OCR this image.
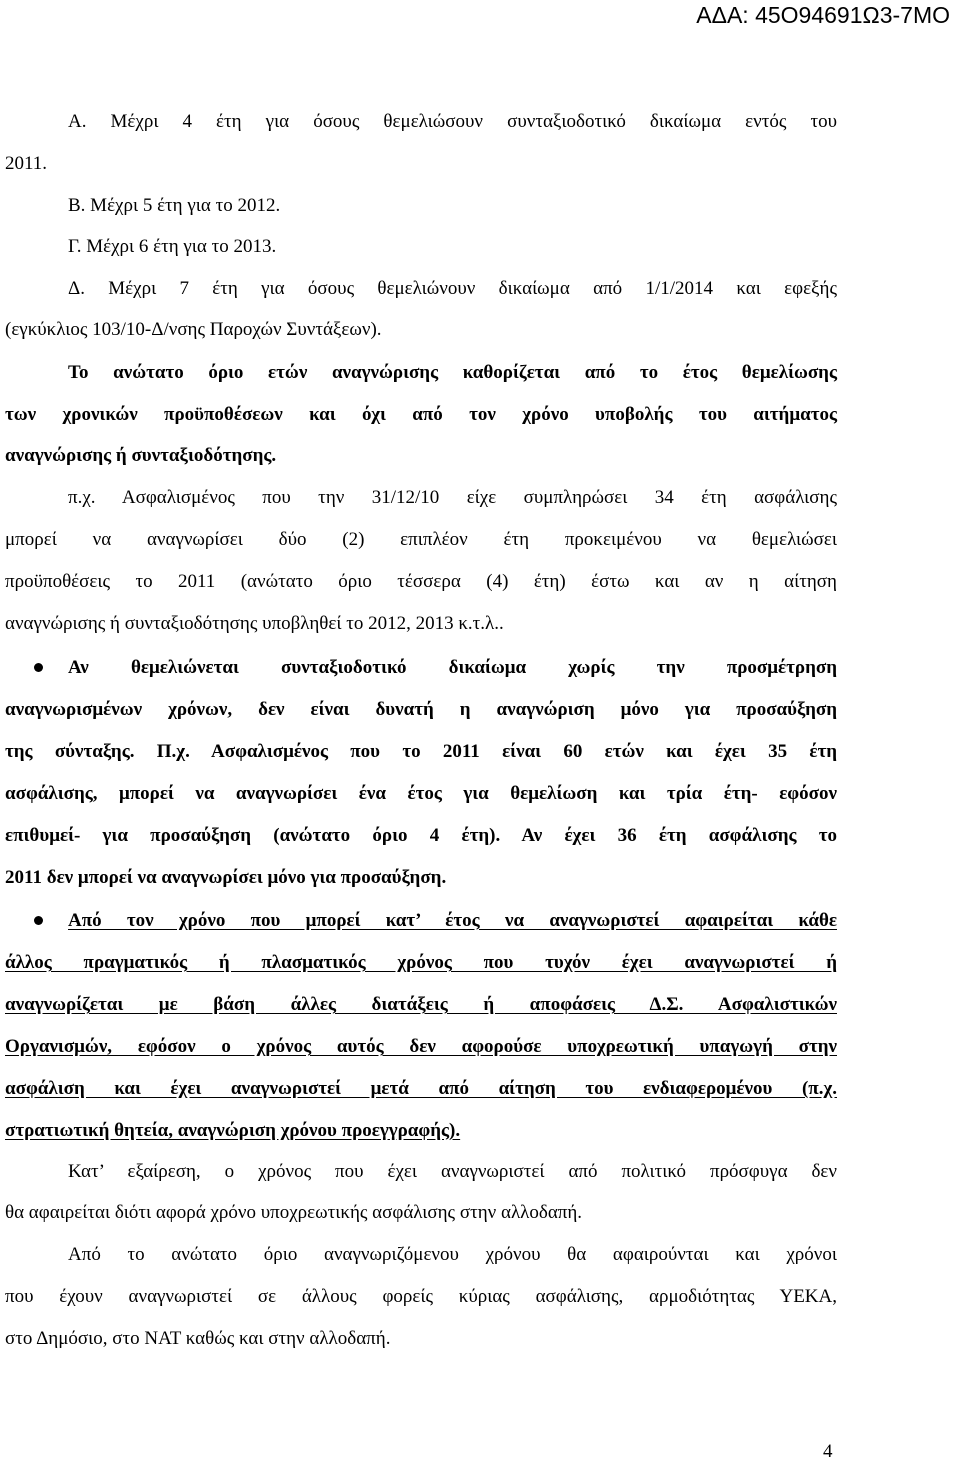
ΑΔΑ: 45Ο94691Ω3-7ΜΟ
Α. Μέχρι 4 έτη για όσους θεμελιώσουν συνταξιοδοτικό δικαίωμα εντός του
2011.
Β. Μέχρι 5 έτη για το 2012.
Γ. Μέχρι 6 έτη για το 2013.
Δ. Μέχρι 7 έτη για όσους θεμελιώνουν δικαίωμα από 1/1/2014 και εφεξής
(εγκύκλιος 103/10-Δ/νσης Παροχών Συντάξεων).
Το ανώτατο όριο ετών αναγνώρισης καθορίζεται από το έτος θεμελίωσης
των χρονικών προϋποθέσεων και όχι από τον χρόνο υποβολής του αιτήματος
αναγνώρισης ή συνταξιοδότησης.
π.χ. Ασφαλισμένος που την 31/12/10 είχε συμπληρώσει 34 έτη ασφάλισης
μπορεί να αναγνωρίσει δύο (2) επιπλέον έτη προκειμένου να θεμελιώσει
προϋποθέσεις το 2011 (ανώτατο όριο τέσσερα (4) έτη) έστω και αν η αίτηση
αναγνώρισης ή συνταξιοδότησης υποβληθεί το 2012, 2013 κ.τ.λ..
Αν θεμελιώνεται συνταξιοδοτικό δικαίωμα χωρίς την προσμέτρηση
αναγνωρισμένων χρόνων, δεν είναι δυνατή η αναγνώριση μόνο για προσαύξηση
της σύνταξης. Π.χ. Ασφαλισμένος που το 2011 είναι 60 ετών και έχει 35 έτη
ασφάλισης, μπορεί να αναγνωρίσει ένα έτος για θεμελίωση και τρία έτη- εφόσον
επιθυμεί- για προσαύξηση (ανώτατο όριο 4 έτη). Αν έχει 36 έτη ασφάλισης το
2011 δεν μπορεί να αναγνωρίσει μόνο για προσαύξηση.
Από τον χρόνο που μπορεί κατ’ έτος να αναγνωριστεί αφαιρείται κάθε
άλλος πραγματικός ή πλασματικός χρόνος που τυχόν έχει αναγνωριστεί ή
αναγνωρίζεται με βάση άλλες διατάξεις ή αποφάσεις Δ.Σ. Ασφαλιστικών
Οργανισμών, εφόσον ο χρόνος αυτός δεν αφορούσε υποχρεωτική υπαγωγή στην
ασφάλιση και έχει αναγνωριστεί μετά από αίτηση του ενδιαφερομένου (π.χ.
στρατιωτική θητεία, αναγνώριση χρόνου προεγγραφής).
Κατ’ εξαίρεση, ο χρόνος που έχει αναγνωριστεί από πολιτικό πρόσφυγα δεν
θα αφαιρείται διότι αφορά χρόνο υποχρεωτικής ασφάλισης στην αλλοδαπή.
Από το ανώτατο όριο αναγνωριζόμενου χρόνου θα αφαιρούνται και χρόνοι
που έχουν αναγνωριστεί σε άλλους φορείς κύριας ασφάλισης, αρμοδιότητας ΥΕΚΑ,
στο Δημόσιο, στο ΝΑΤ καθώς και στην αλλοδαπή.
4
